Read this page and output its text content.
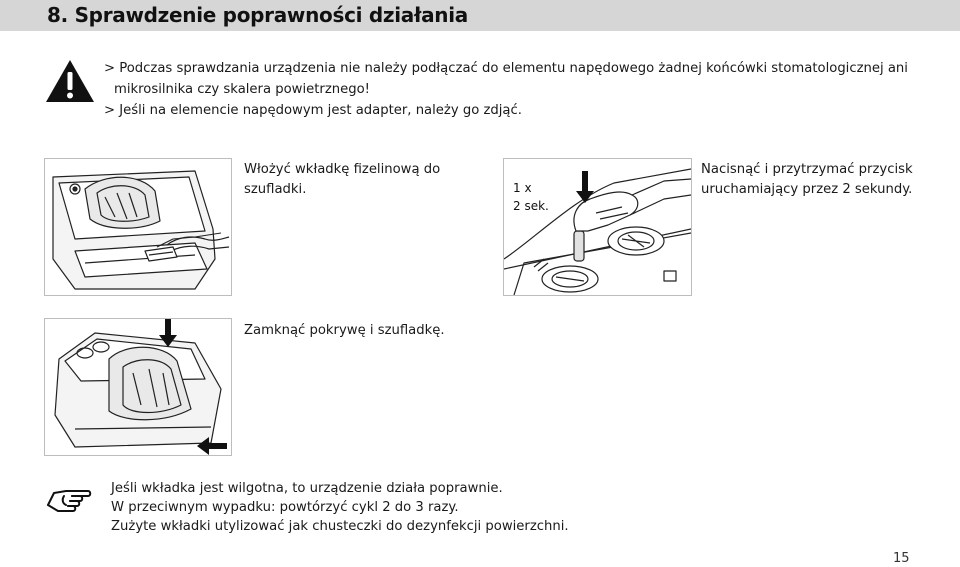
8. Sprawdzenie poprawności działania

> Podczas sprawdzania urządzenia nie należy podłączać do elementu napędowego żadnej końcówki stomatologicznej ani mikrosilnika czy skalera powietrznego!

> Jeśli na elemencie napędowym jest adapter, należy go zdjąć.

Włożyć wkładkę fizelinową do szufladki.	1 x
2 sek.
Nacisnąć i przytrzymać przycisk uruchamiający przez 2 sekundy.
Zamknąć pokrywę i szufladkę.

Jeśli wkładka jest wilgotna, to urządzenie działa poprawnie.

W przeciwnym wypadku: powtórzyć cykl 2 do 3 razy.

Zużyte wkładki utylizować jak chusteczki do dezynfekcji powierzchni.

15
